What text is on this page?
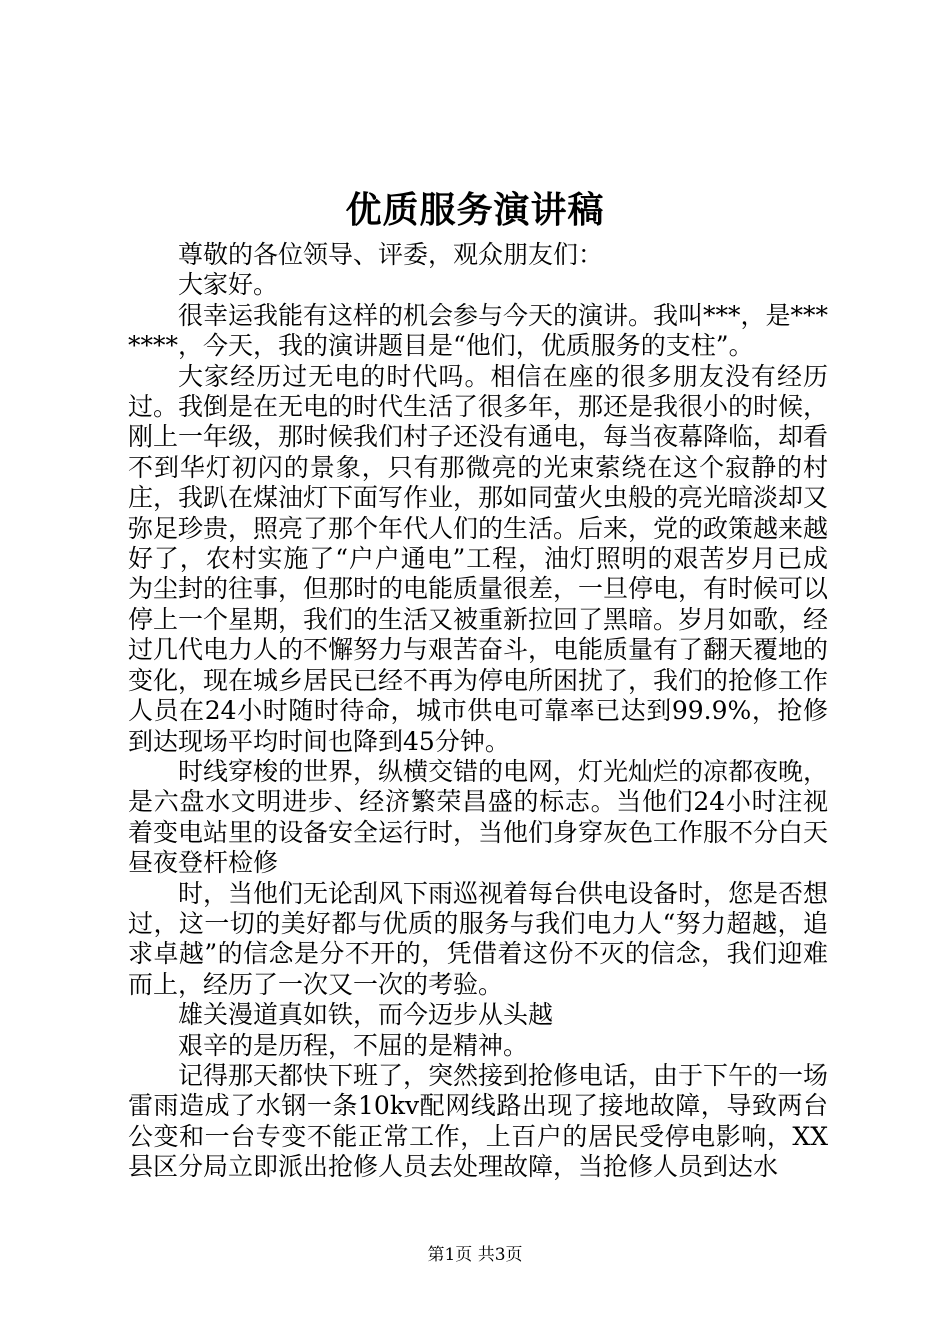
优质服务演讲稿

尊敬的各位领导、评委，观众朋友们：

大家好。

很幸运我能有这样的机会参与今天的演讲。我叫***，是*******，今天，我的演讲题目是“他们，优质服务的支柱”。

大家经历过无电的时代吗。相信在座的很多朋友没有经历过。我倒是在无电的时代生活了很多年，那还是我很小的时候，刚上一年级，那时候我们村子还没有通电，每当夜幕降临，却看不到华灯初闪的景象，只有那微亮的光束萦绕在这个寂静的村庄，我趴在煤油灯下面写作业，那如同萤火虫般的亮光暗淡却又弥足珍贵，照亮了那个年代人们的生活。后来，党的政策越来越好了，农村实施了“户户通电”工程，油灯照明的艰苦岁月已成为尘封的往事，但那时的电能质量很差，一旦停电，有时候可以停上一个星期，我们的生活又被重新拉回了黑暗。岁月如歌，经过几代电力人的不懈努力与艰苦奋斗，电能质量有了翻天覆地的变化，现在城乡居民已经不再为停电所困扰了，我们的抢修工作人员在24小时随时待命，城市供电可靠率已达到99.9%，抢修到达现场平均时间也降到45分钟。

时线穿梭的世界，纵横交错的电网，灯光灿烂的凉都夜晚，是六盘水文明进步、经济繁荣昌盛的标志。当他们24小时注视着变电站里的设备安全运行时，当他们身穿灰色工作服不分白天昼夜登杆检修

时，当他们无论刮风下雨巡视着每台供电设备时，您是否想过，这一切的美好都与优质的服务与我们电力人“努力超越，追求卓越”的信念是分不开的，凭借着这份不灭的信念，我们迎难而上，经历了一次又一次的考验。

雄关漫道真如铁，而今迈步从头越

艰辛的是历程，不屈的是精神。

记得那天都快下班了，突然接到抢修电话，由于下午的一场雷雨造成了水钢一条10kv配网线路出现了接地故障，导致两台公变和一台专变不能正常工作，上百户的居民受停电影响，XX县区分局立即派出抢修人员去处理故障，当抢修人员到达水

第1页 共3页
